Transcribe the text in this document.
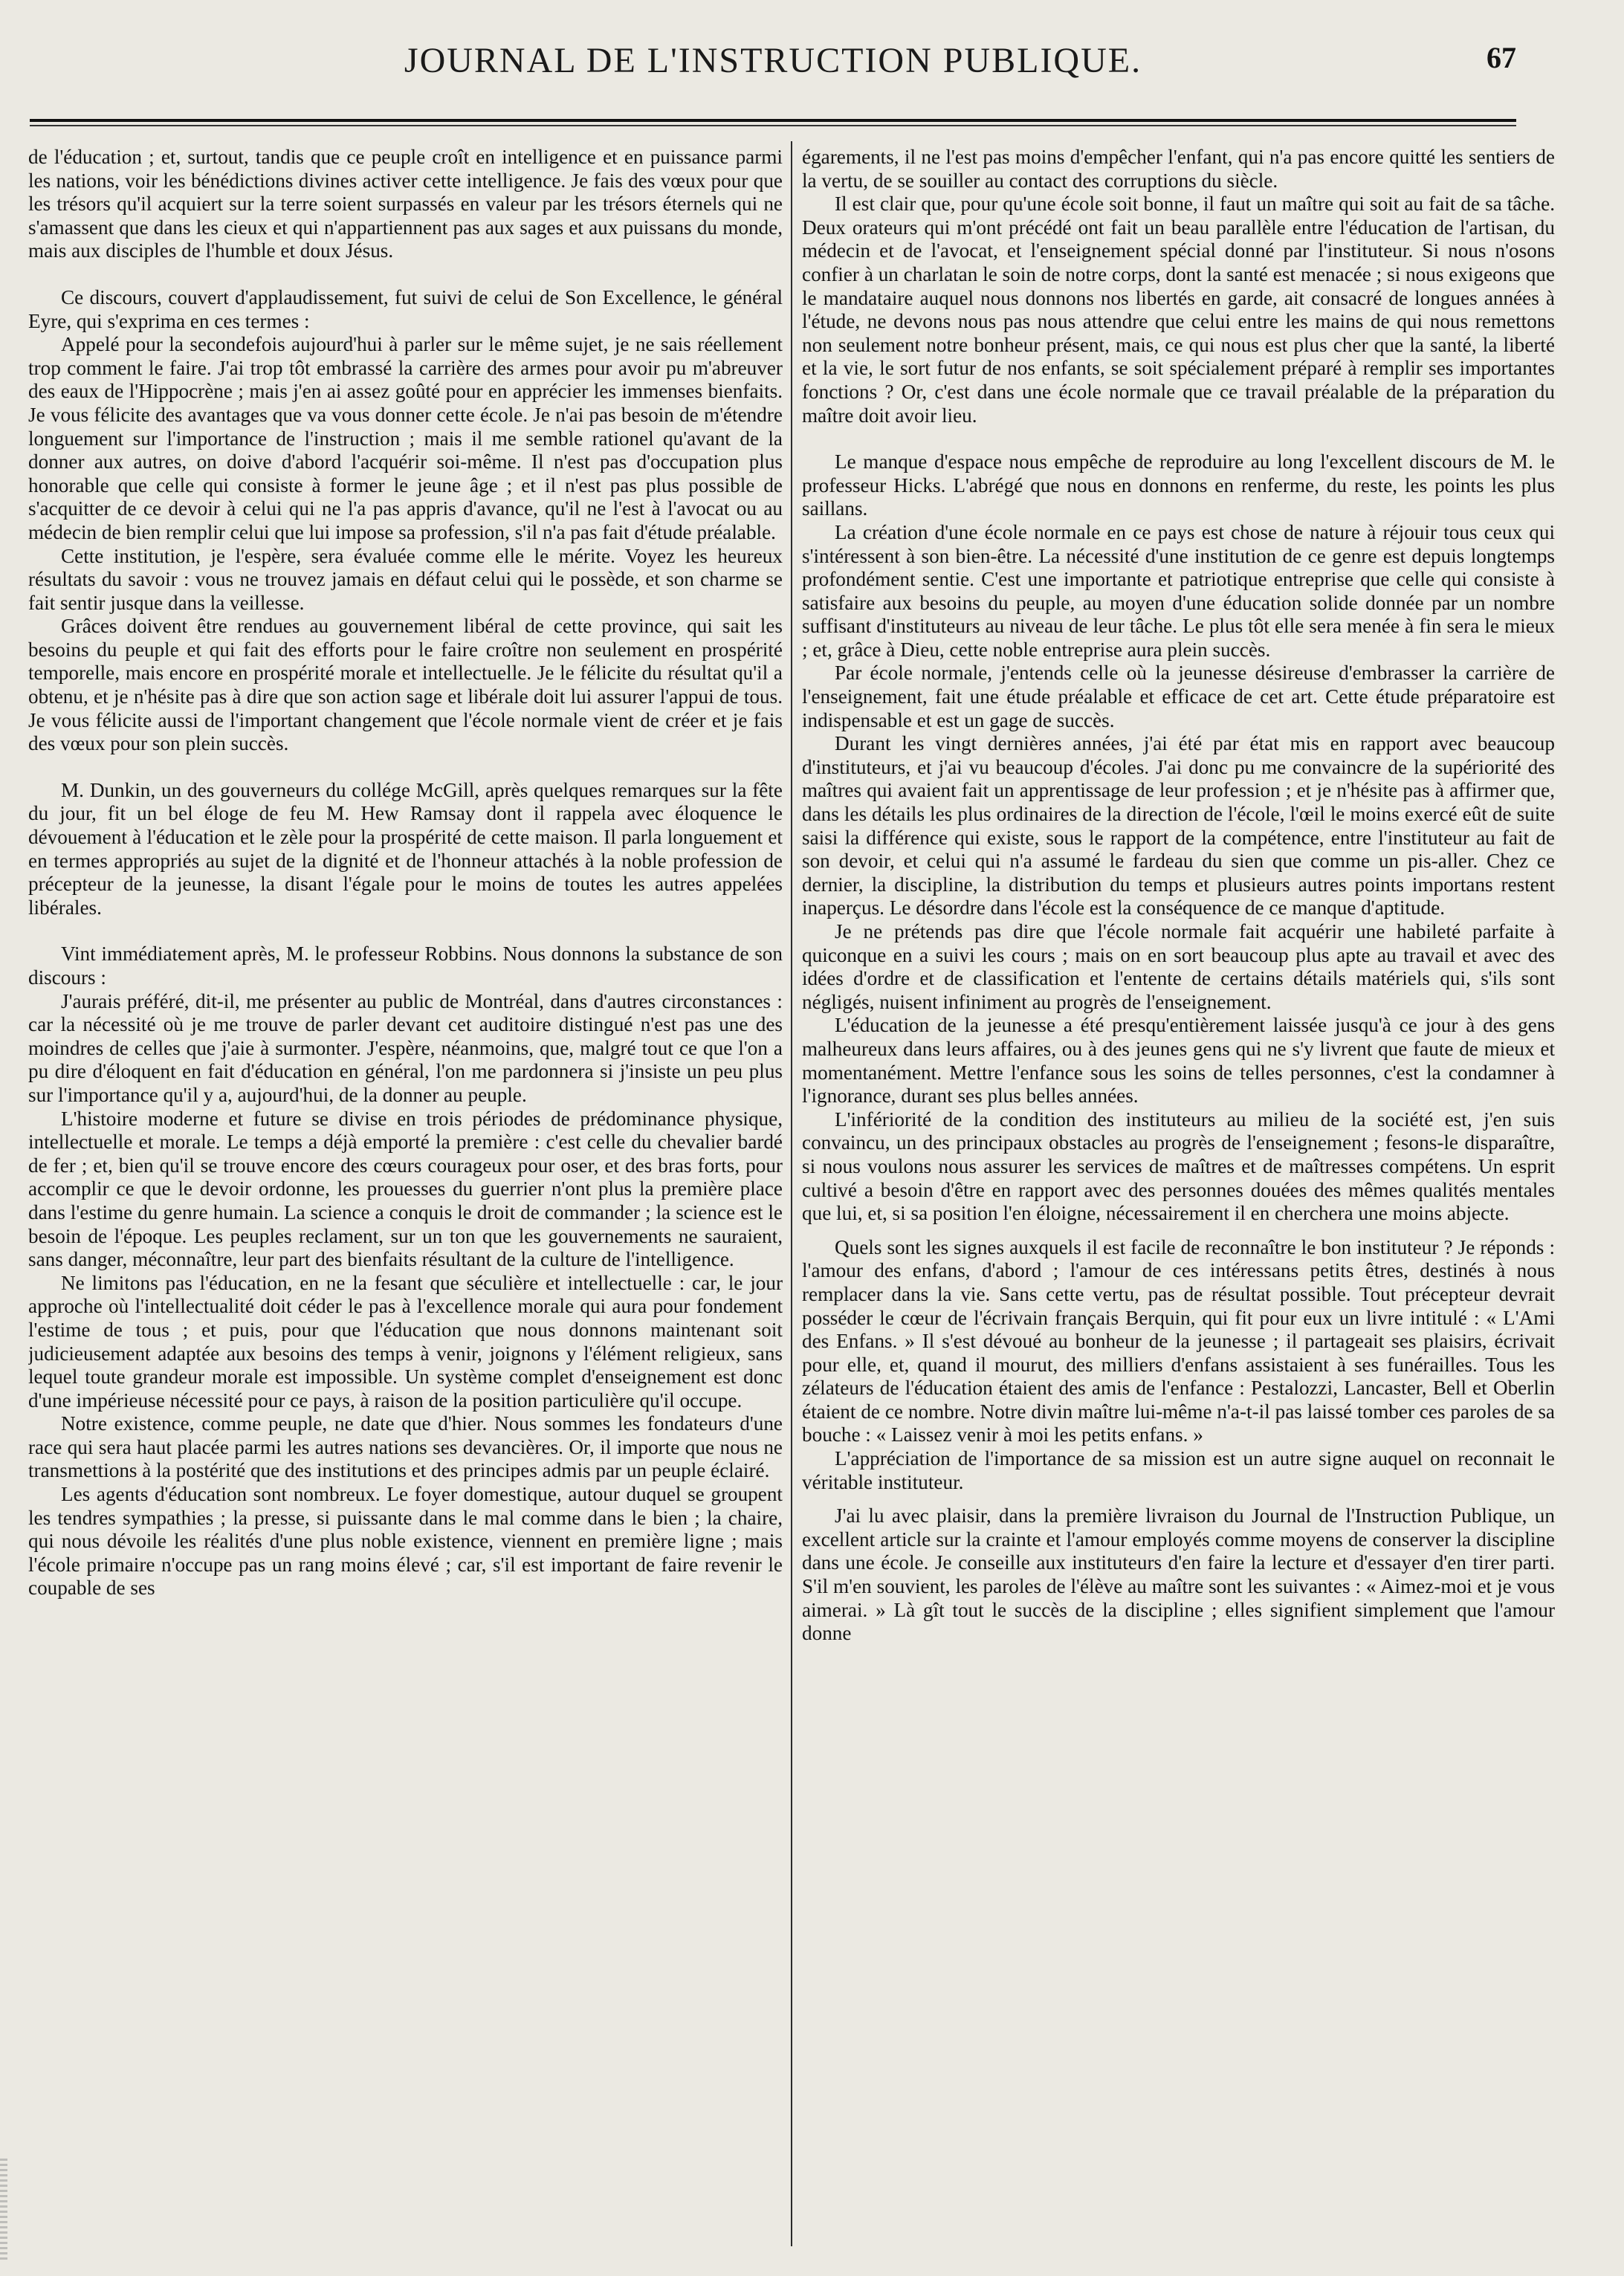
JOURNAL DE L'INSTRUCTION PUBLIQUE.	67

de l'éducation ; et, surtout, tandis que ce peuple croît en intelligence et en puissance parmi les nations, voir les bénédictions divines activer cette intelligence. Je fais des vœux pour que les trésors qu'il acquiert sur la terre soient surpassés en valeur par les trésors éternels qui ne s'amassent que dans les cieux et qui n'appartiennent pas aux sages et aux puissans du monde, mais aux disciples de l'humble et doux Jésus.

Ce discours, couvert d'applaudissement, fut suivi de celui de Son Excellence, le général Eyre, qui s'exprima en ces termes :

Appelé pour la secondefois aujourd'hui à parler sur le même sujet, je ne sais réellement trop comment le faire. J'ai trop tôt embrassé la carrière des armes pour avoir pu m'abreuver des eaux de l'Hippocrène ; mais j'en ai assez goûté pour en apprécier les immenses bienfaits. Je vous félicite des avantages que va vous donner cette école. Je n'ai pas besoin de m'étendre longuement sur l'importance de l'instruction ; mais il me semble rationel qu'avant de la donner aux autres, on doive d'abord l'acquérir soi-même. Il n'est pas d'occupation plus honorable que celle qui consiste à former le jeune âge ; et il n'est pas plus possible de s'acquitter de ce devoir à celui qui ne l'a pas appris d'avance, qu'il ne l'est à l'avocat ou au médecin de bien remplir celui que lui impose sa profession, s'il n'a pas fait d'étude préalable.

Cette institution, je l'espère, sera évaluée comme elle le mérite. Voyez les heureux résultats du savoir : vous ne trouvez jamais en défaut celui qui le possède, et son charme se fait sentir jusque dans la veillesse.

Grâces doivent être rendues au gouvernement libéral de cette province, qui sait les besoins du peuple et qui fait des efforts pour le faire croître non seulement en prospérité temporelle, mais encore en prospérité morale et intellectuelle. Je le félicite du résultat qu'il a obtenu, et je n'hésite pas à dire que son action sage et libérale doit lui assurer l'appui de tous. Je vous félicite aussi de l'important changement que l'école normale vient de créer et je fais des vœux pour son plein succès.

M. Dunkin, un des gouverneurs du collége McGill, après quelques remarques sur la fête du jour, fit un bel éloge de feu M. Hew Ramsay dont il rappela avec éloquence le dévouement à l'éducation et le zèle pour la prospérité de cette maison. Il parla longuement et en termes appropriés au sujet de la dignité et de l'honneur attachés à la noble profession de précepteur de la jeunesse, la disant l'égale pour le moins de toutes les autres appelées libérales.

Vint immédiatement après, M. le professeur Robbins. Nous donnons la substance de son discours :

J'aurais préféré, dit-il, me présenter au public de Montréal, dans d'autres circonstances : car la nécessité où je me trouve de parler devant cet auditoire distingué n'est pas une des moindres de celles que j'aie à surmonter. J'espère, néanmoins, que, malgré tout ce que l'on a pu dire d'éloquent en fait d'éducation en général, l'on me pardonnera si j'insiste un peu plus sur l'importance qu'il y a, aujourd'hui, de la donner au peuple.

L'histoire moderne et future se divise en trois périodes de prédominance physique, intellectuelle et morale. Le temps a déjà emporté la première : c'est celle du chevalier bardé de fer ; et, bien qu'il se trouve encore des cœurs courageux pour oser, et des bras forts, pour accomplir ce que le devoir ordonne, les prouesses du guerrier n'ont plus la première place dans l'estime du genre humain. La science a conquis le droit de commander ; la science est le besoin de l'époque. Les peuples reclament, sur un ton que les gouvernements ne sauraient, sans danger, méconnaître, leur part des bienfaits résultant de la culture de l'intelligence.

Ne limitons pas l'éducation, en ne la fesant que séculière et intellectuelle : car, le jour approche où l'intellectualité doit céder le pas à l'excellence morale qui aura pour fondement l'estime de tous ; et puis, pour que l'éducation que nous donnons maintenant soit judicieusement adaptée aux besoins des temps à venir, joignons y l'élément religieux, sans lequel toute grandeur morale est impossible. Un système complet d'enseignement est donc d'une impérieuse nécessité pour ce pays, à raison de la position particulière qu'il occupe.

Notre existence, comme peuple, ne date que d'hier. Nous sommes les fondateurs d'une race qui sera haut placée parmi les autres nations ses devancières. Or, il importe que nous ne transmettions à la postérité que des institutions et des principes admis par un peuple éclairé.

Les agents d'éducation sont nombreux. Le foyer domestique, autour duquel se groupent les tendres sympathies ; la presse, si puissante dans le mal comme dans le bien ; la chaire, qui nous dévoile les réalités d'une plus noble existence, viennent en première ligne ; mais l'école primaire n'occupe pas un rang moins élevé ; car, s'il est important de faire revenir le coupable de ses

égarements, il ne l'est pas moins d'empêcher l'enfant, qui n'a pas encore quitté les sentiers de la vertu, de se souiller au contact des corruptions du siècle.

Il est clair que, pour qu'une école soit bonne, il faut un maître qui soit au fait de sa tâche. Deux orateurs qui m'ont précédé ont fait un beau parallèle entre l'éducation de l'artisan, du médecin et de l'avocat, et l'enseignement spécial donné par l'instituteur. Si nous n'osons confier à un charlatan le soin de notre corps, dont la santé est menacée ; si nous exigeons que le mandataire auquel nous donnons nos libertés en garde, ait consacré de longues années à l'étude, ne devons nous pas nous attendre que celui entre les mains de qui nous remettons non seulement notre bonheur présent, mais, ce qui nous est plus cher que la santé, la liberté et la vie, le sort futur de nos enfants, se soit spécialement préparé à remplir ses importantes fonctions ? Or, c'est dans une école normale que ce travail préalable de la préparation du maître doit avoir lieu.

Le manque d'espace nous empêche de reproduire au long l'excellent discours de M. le professeur Hicks. L'abrégé que nous en donnons en renferme, du reste, les points les plus saillans.

La création d'une école normale en ce pays est chose de nature à réjouir tous ceux qui s'intéressent à son bien-être. La nécessité d'une institution de ce genre est depuis longtemps profondément sentie. C'est une importante et patriotique entreprise que celle qui consiste à satisfaire aux besoins du peuple, au moyen d'une éducation solide donnée par un nombre suffisant d'instituteurs au niveau de leur tâche. Le plus tôt elle sera menée à fin sera le mieux ; et, grâce à Dieu, cette noble entreprise aura plein succès.

Par école normale, j'entends celle où la jeunesse désireuse d'embrasser la carrière de l'enseignement, fait une étude préalable et efficace de cet art. Cette étude préparatoire est indispensable et est un gage de succès.

Durant les vingt dernières années, j'ai été par état mis en rapport avec beaucoup d'instituteurs, et j'ai vu beaucoup d'écoles. J'ai donc pu me convaincre de la supériorité des maîtres qui avaient fait un apprentissage de leur profession ; et je n'hésite pas à affirmer que, dans les détails les plus ordinaires de la direction de l'école, l'œil le moins exercé eût de suite saisi la différence qui existe, sous le rapport de la compétence, entre l'instituteur au fait de son devoir, et celui qui n'a assumé le fardeau du sien que comme un pis-aller. Chez ce dernier, la discipline, la distribution du temps et plusieurs autres points importans restent inaperçus. Le désordre dans l'école est la conséquence de ce manque d'aptitude.

Je ne prétends pas dire que l'école normale fait acquérir une habileté parfaite à quiconque en a suivi les cours ; mais on en sort beaucoup plus apte au travail et avec des idées d'ordre et de classification et l'entente de certains détails matériels qui, s'ils sont négligés, nuisent infiniment au progrès de l'enseignement.

L'éducation de la jeunesse a été presqu'entièrement laissée jusqu'à ce jour à des gens malheureux dans leurs affaires, ou à des jeunes gens qui ne s'y livrent que faute de mieux et momentanément. Mettre l'enfance sous les soins de telles personnes, c'est la condamner à l'ignorance, durant ses plus belles années.

L'infériorité de la condition des instituteurs au milieu de la société est, j'en suis convaincu, un des principaux obstacles au progrès de l'enseignement ; fesons-le disparaître, si nous voulons nous assurer les services de maîtres et de maîtresses compétens. Un esprit cultivé a besoin d'être en rapport avec des personnes douées des mêmes qualités mentales que lui, et, si sa position l'en éloigne, nécessairement il en cherchera une moins abjecte.

Quels sont les signes auxquels il est facile de reconnaître le bon instituteur ? Je réponds : l'amour des enfans, d'abord ; l'amour de ces intéressans petits êtres, destinés à nous remplacer dans la vie. Sans cette vertu, pas de résultat possible. Tout précepteur devrait posséder le cœur de l'écrivain français Berquin, qui fit pour eux un livre intitulé : « L'Ami des Enfans. » Il s'est dévoué au bonheur de la jeunesse ; il partageait ses plaisirs, écrivait pour elle, et, quand il mourut, des milliers d'enfans assistaient à ses funérailles. Tous les zélateurs de l'éducation étaient des amis de l'enfance : Pestalozzi, Lancaster, Bell et Oberlin étaient de ce nombre. Notre divin maître lui-même n'a-t-il pas laissé tomber ces paroles de sa bouche : « Laissez venir à moi les petits enfans. »

L'appréciation de l'importance de sa mission est un autre signe auquel on reconnait le véritable instituteur.

J'ai lu avec plaisir, dans la première livraison du Journal de l'Instruction Publique, un excellent article sur la crainte et l'amour employés comme moyens de conserver la discipline dans une école. Je conseille aux instituteurs d'en faire la lecture et d'essayer d'en tirer parti. S'il m'en souvient, les paroles de l'élève au maître sont les suivantes : « Aimez-moi et je vous aimerai. » Là gît tout le succès de la discipline ; elles signifient simplement que l'amour donne
